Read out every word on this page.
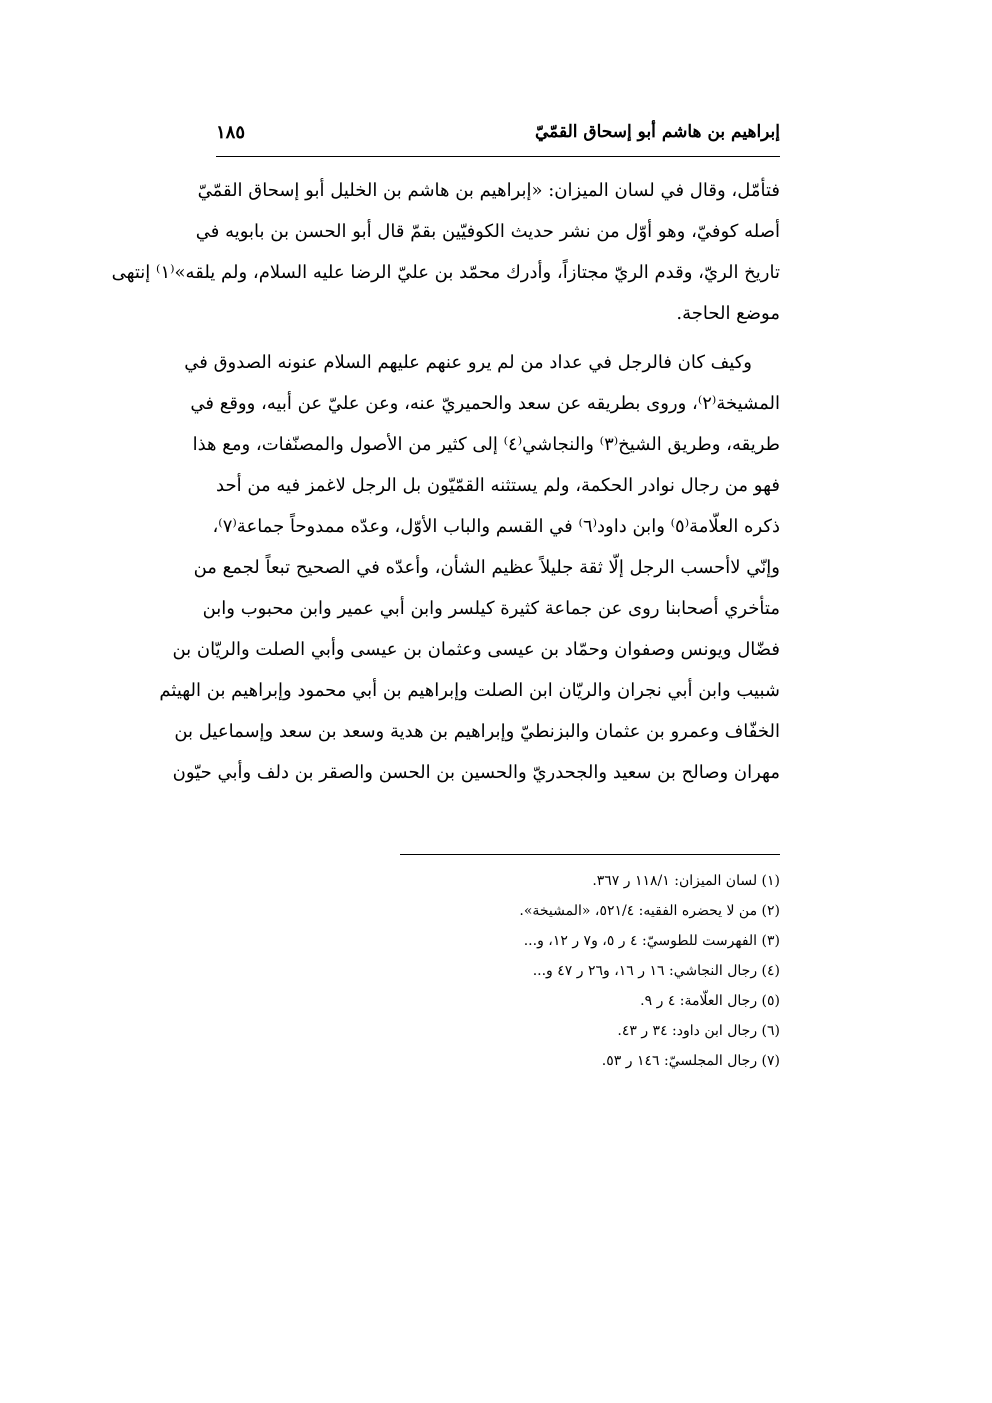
إبراهيم بن هاشم أبو إسحاق القمّيّ
١٨٥
فتأمّل، وقال في لسان الميزان: «إبراهيم بن هاشم بن الخليل أبو إسحاق القمّيّ
أصله كوفيّ، وهو أوّل من نشر حديث الكوفيّين بقمّ قال أبو الحسن بن بابويه في
تاريخ الريّ، وقدم الريّ مجتازاً، وأدرك محمّد بن عليّ الرضا عليه السلام، ولم يلقه»⁽١⁾ إنتهى
موضع الحاجة.
وكيف كان فالرجل في عداد من لم يرو عنهم عليهم السلام عنونه الصدوق في
المشيخة⁽٢⁾، وروى بطريقه عن سعد والحميريّ عنه، وعن عليّ عن أبيه، ووقع في
طريقه، وطريق الشيخ⁽٣⁾ والنجاشي⁽٤⁾ إلى كثير من الأصول والمصنّفات، ومع هذا
فهو من رجال نوادر الحكمة، ولم يستثنه القمّيّون بل الرجل لاغمز فيه من أحد
ذكره العلّامة⁽٥⁾ وابن داود⁽٦⁾ في القسم والباب الأوّل، وعدّه ممدوحاً جماعة⁽٧⁾،
وإنّي لاأحسب الرجل إلّا ثقة جليلاً عظيم الشأن، وأعدّه في الصحيح تبعاً لجمع من
متأخري أصحابنا روى عن جماعة كثيرة كيلسر وابن أبي عمير وابن محبوب وابن
فضّال ويونس وصفوان وحمّاد بن عيسى وعثمان بن عيسى وأبي الصلت والريّان بن
شبيب وابن أبي نجران والريّان ابن الصلت وإبراهيم بن أبي محمود وإبراهيم بن الهيثم
الخفّاف وعمرو بن عثمان والبزنطيّ وإبراهيم بن هدية وسعد بن سعد وإسماعيل بن
مهران وصالح بن سعيد والجحدريّ والحسين بن الحسن والصقر بن دلف وأبي حيّون
(١) لسان الميزان: ١١٨/١ ر ٣٦٧.
(٢) من لا يحضره الفقيه: ٥٢١/٤، «المشيخة».
(٣) الفهرست للطوسيّ: ٤ ر ٥، و٧ ر ١٢، و...
(٤) رجال النجاشي: ١٦ ر ١٦، و٢٦ ر ٤٧ و...
(٥) رجال العلّامة: ٤ ر ٩.
(٦) رجال ابن داود: ٣٤ ر ٤٣.
(٧) رجال المجلسيّ: ١٤٦ ر ٥٣.
